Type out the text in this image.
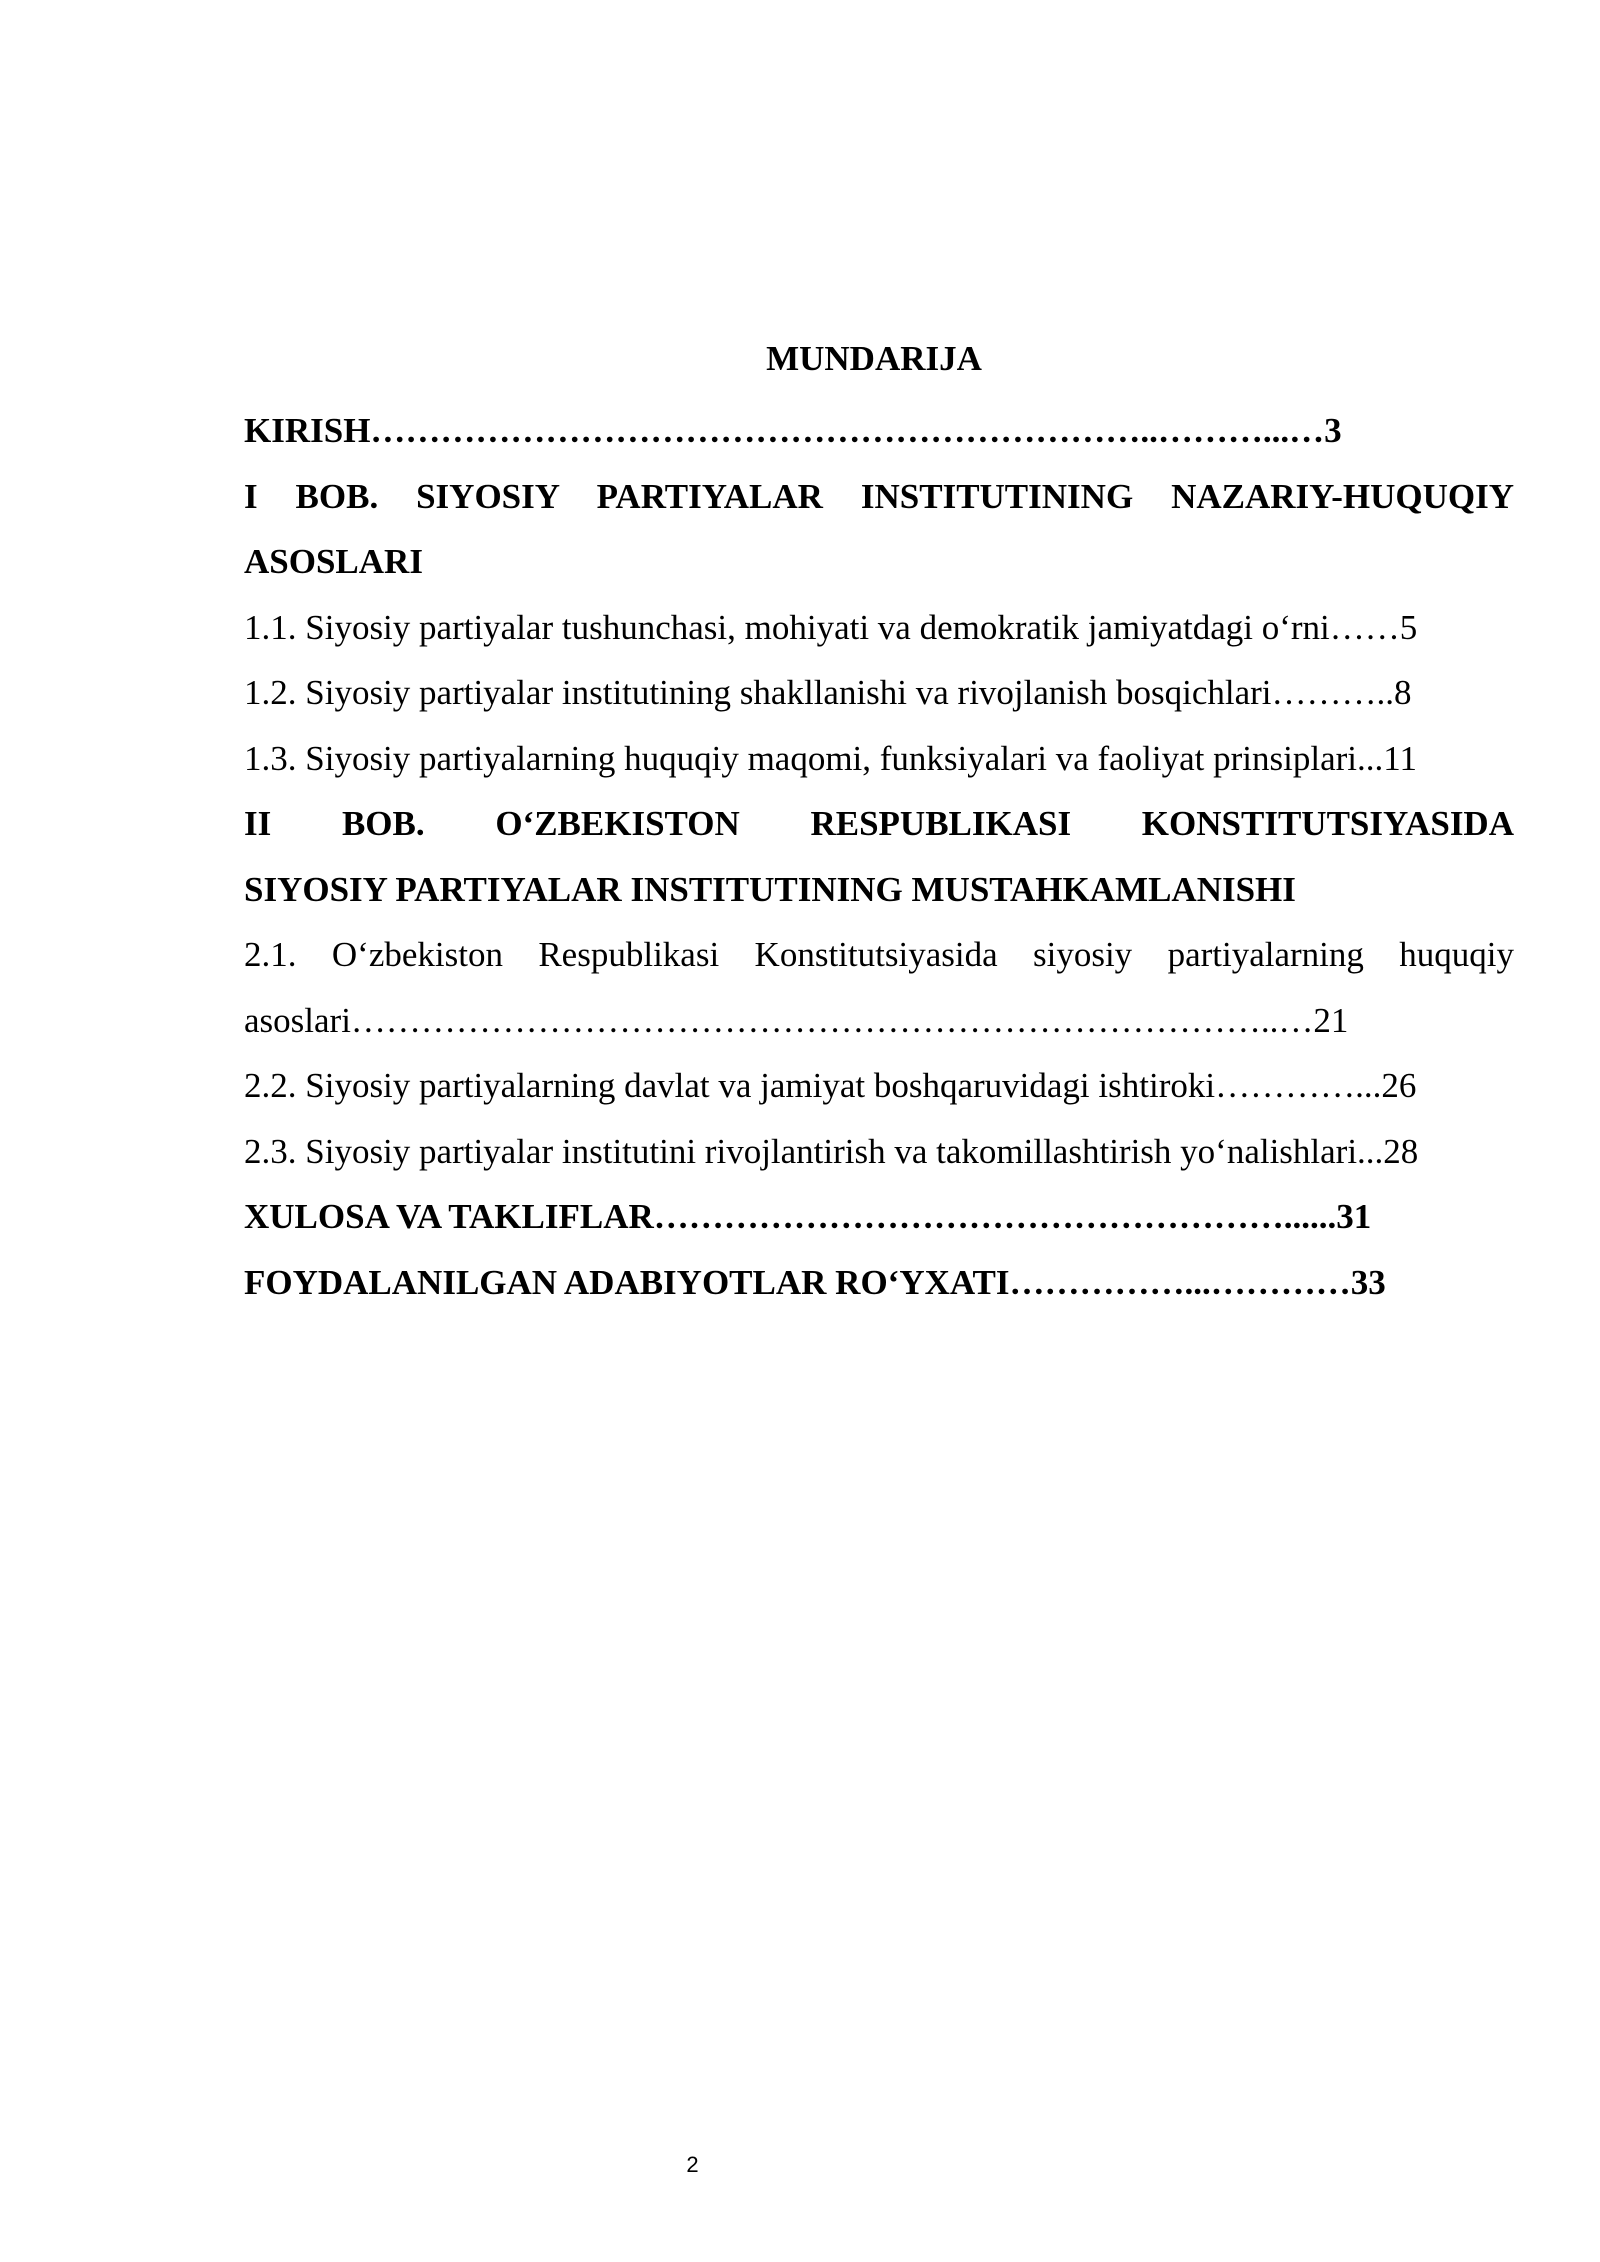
MUNDARIJA
KIRISH…………………………………………………………..………...…3
I BOB. SIYOSIY PARTIYALAR INSTITUTINING NAZARIY-HUQUQIY
ASOSLARI
1.1. Siyosiy partiyalar tushunchasi, mohiyati va demokratik jamiyatdagi o‘rni……5
1.2. Siyosiy partiyalar institutining shakllanishi va rivojlanish bosqichlari………..8
1.3. Siyosiy partiyalarning huquqiy maqomi, funksiyalari va faoliyat prinsiplari...11
II BOB. O‘ZBEKISTON RESPUBLIKASI KONSTITUTSIYASIDA
SIYOSIY PARTIYALAR INSTITUTINING MUSTAHKAMLANISHI
2.1. O‘zbekiston Respublikasi Konstitutsiyasida siyosiy partiyalarning huquqiy
asoslari……………………………………………………………………..…21
2.2. Siyosiy partiyalarning davlat va jamiyat boshqaruvidagi ishtiroki…………...26
2.3. Siyosiy partiyalar institutini rivojlantirish va takomillashtirish yo‘nalishlari...28
XULOSA VA TAKLIFLAR………………………………………………......31
FOYDALANILGAN ADABIYOTLAR RO‘YXATI……………...…………33
2
